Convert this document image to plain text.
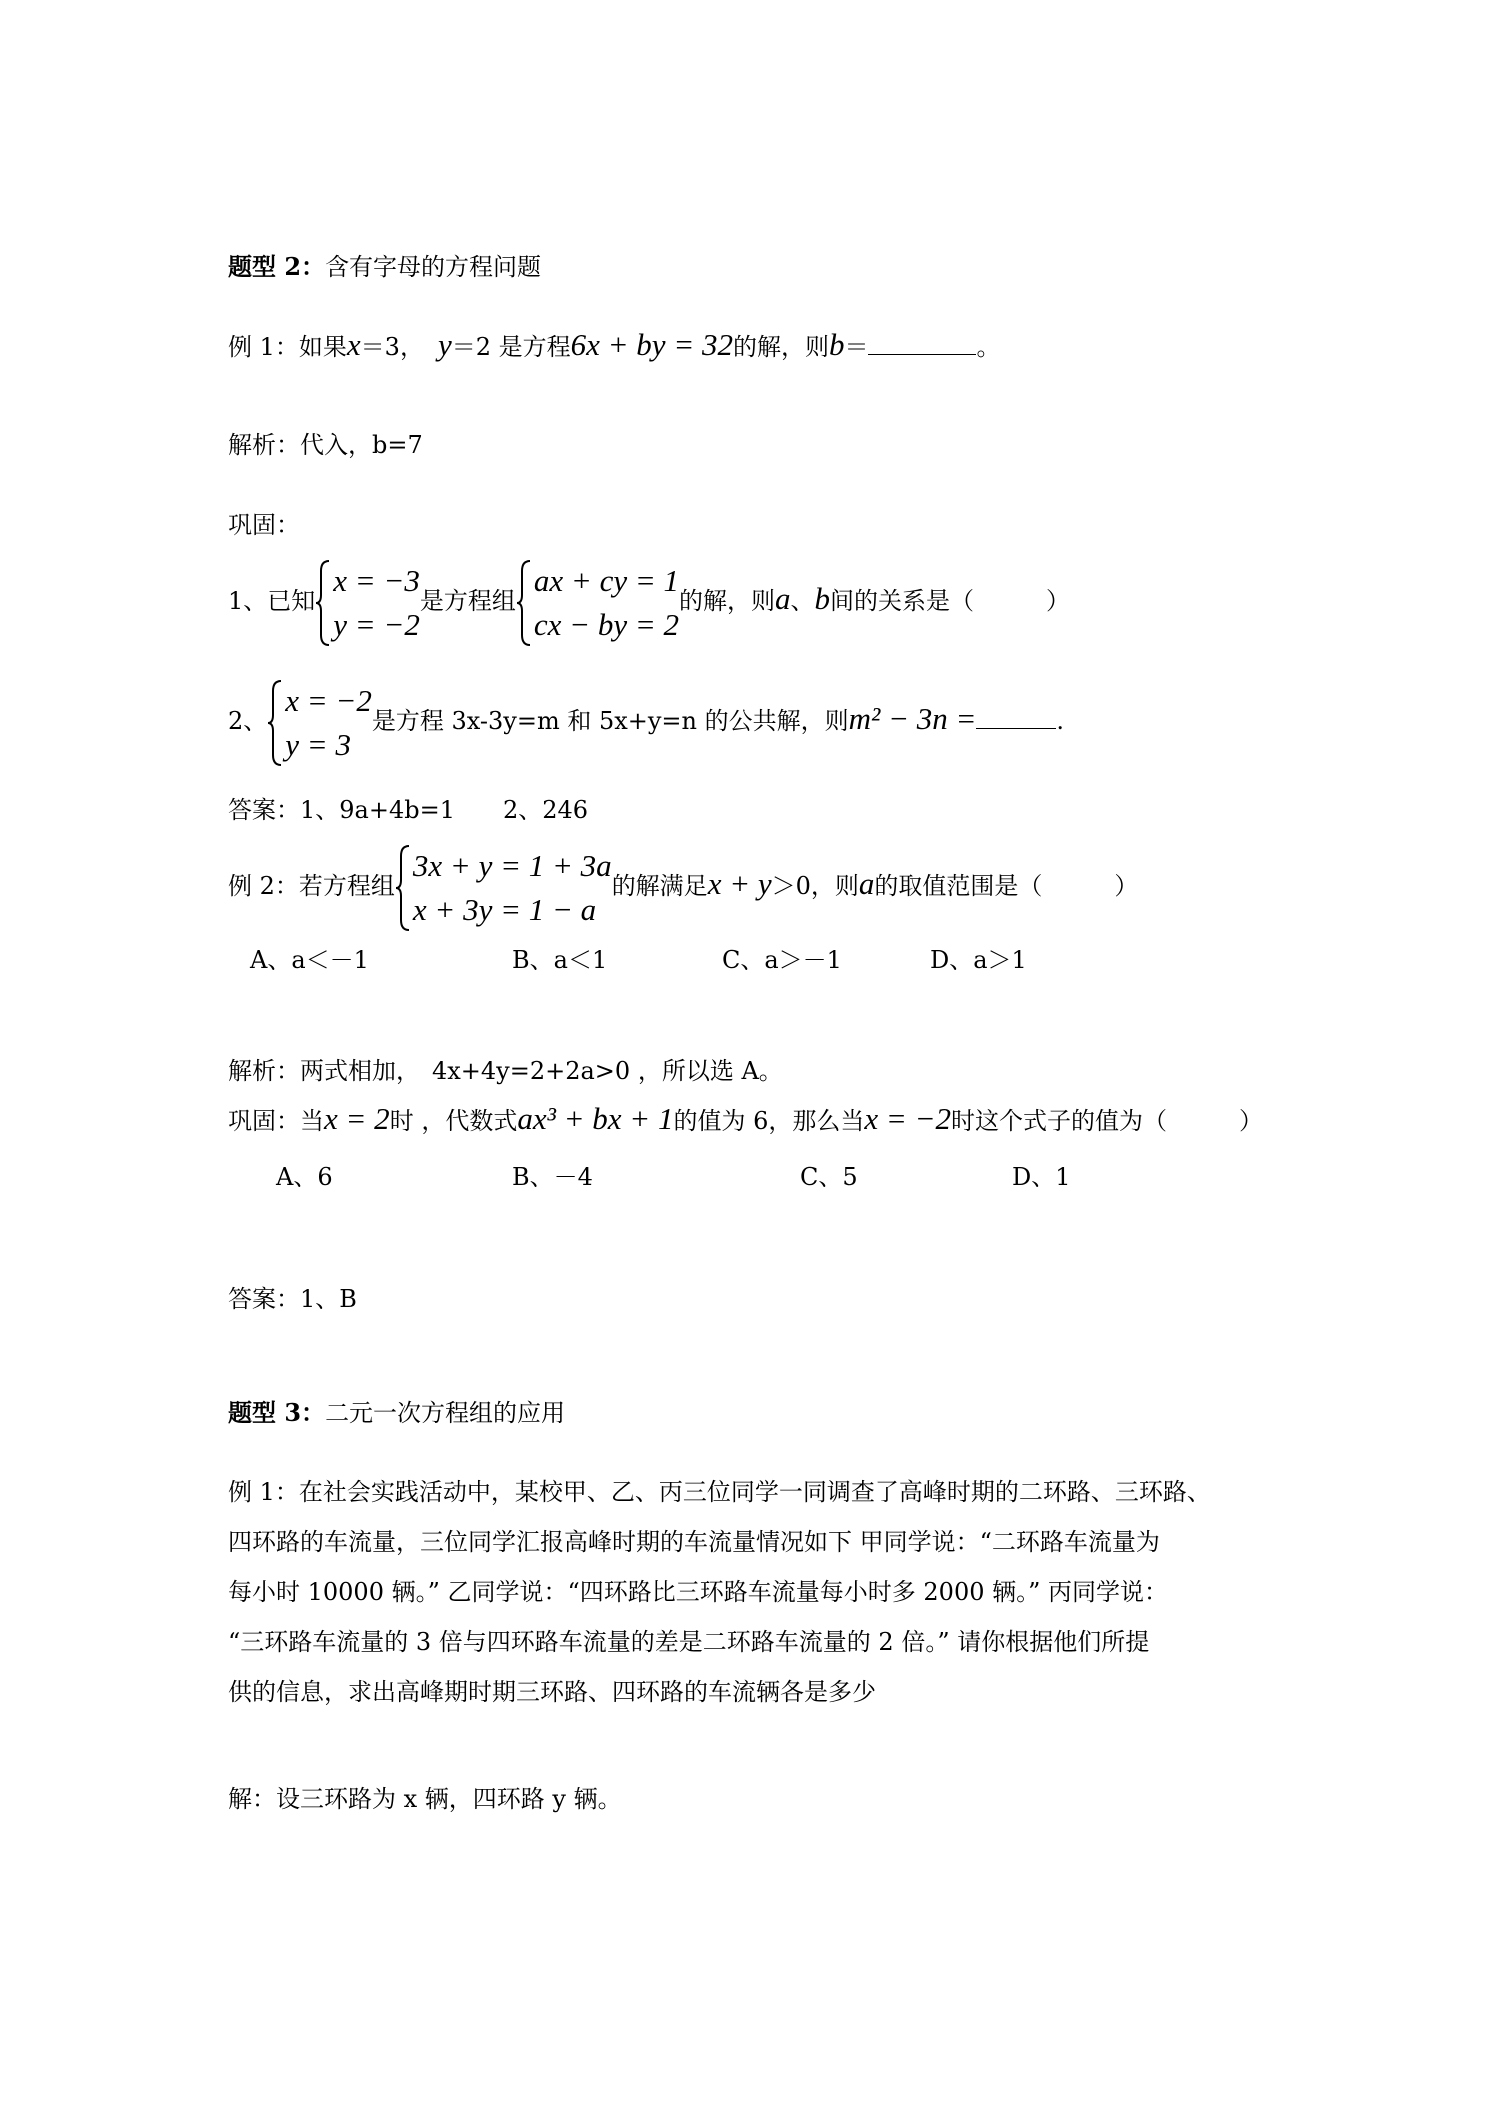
题型 2：含有字母的方程问题
例 1：如果x＝3， y＝2 是方程6x + by = 32的解，则b＝	。
解析：代入，b=7
巩固：
1、已知
x = −3
y = −2
是方程组
ax + cy = 1
cx − by = 2
的解，则a、b间的关系是（　　　）
2、
x = −2
y = 3
是方程 3x-3y=m 和 5x+y=n 的公共解，则m² − 3n =	.
答案：1、9a+4b=1　　2、246
例 2：若方程组
3x + y = 1 + 3a
x + 3y = 1 − a
的解满足x + y＞0，则a的取值范围是（　　　）
A、a＜－1	B、a＜1	C、a＞－1	D、a＞1
解析：两式相加，　4x+4y=2+2a>0 ，所以选 A。
巩固：当x = 2时 ，代数式ax³ + bx + 1的值为 6，那么当x = −2时这个式子的值为（　　　）
A、6	B、－4	C、5	D、1
答案：1、B
题型 3：二元一次方程组的应用
例 1：在社会实践活动中，某校甲、乙、丙三位同学一同调查了高峰时期的二环路、三环路、
四环路的车流量，三位同学汇报高峰时期的车流量情况如下 甲同学说：“二环路车流量为
每小时 10000 辆。” 乙同学说：“四环路比三环路车流量每小时多 2000 辆。” 丙同学说：
“三环路车流量的 3 倍与四环路车流量的差是二环路车流量的 2 倍。” 请你根据他们所提
供的信息，求出高峰期时期三环路、四环路的车流辆各是多少
解：设三环路为 x 辆，四环路 y 辆。
